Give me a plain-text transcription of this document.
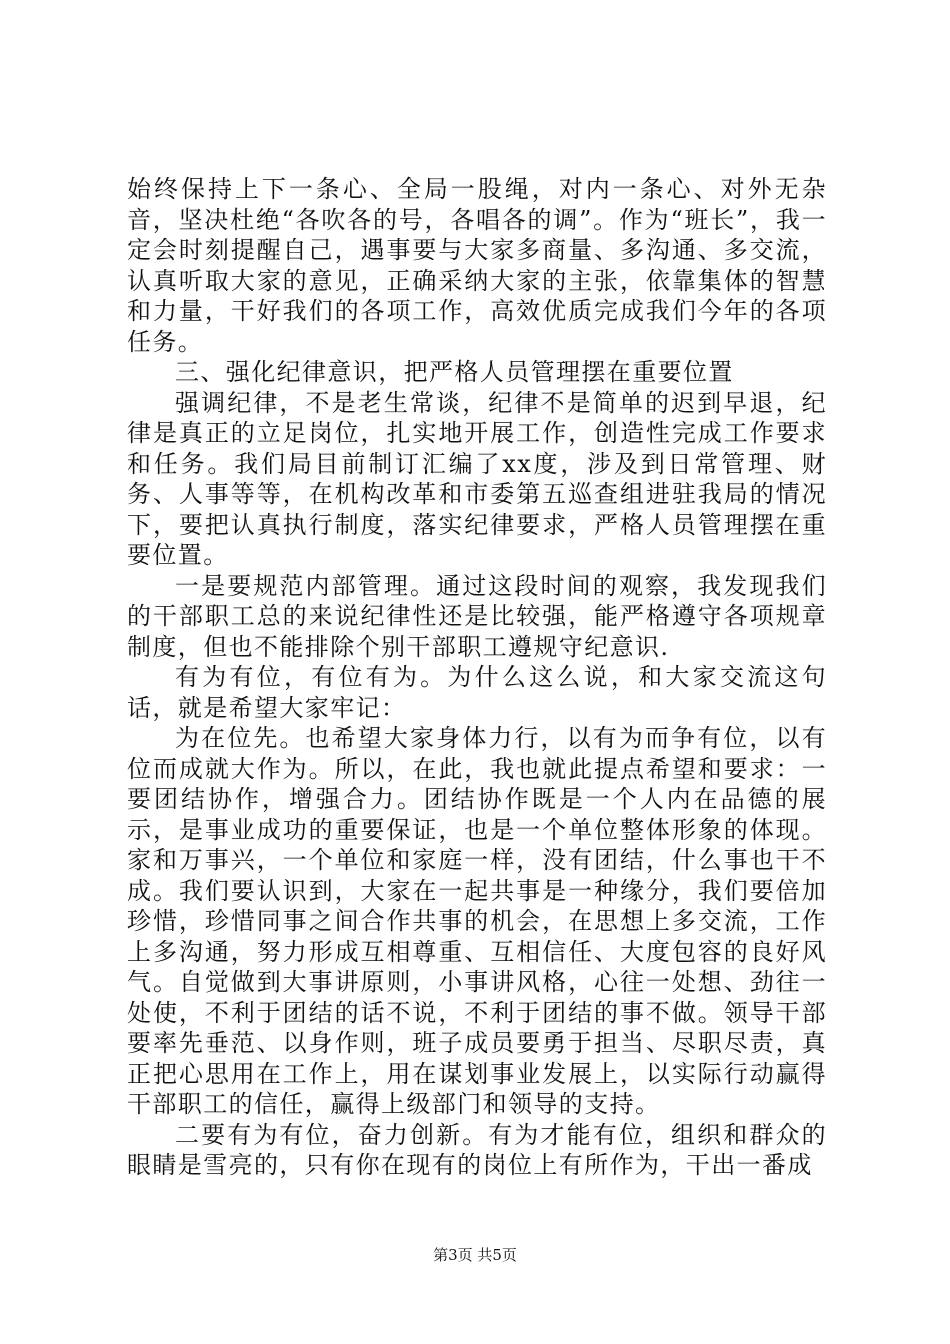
始终保持上下一条心、全局一股绳，对内一条心、对外无杂音，坚决杜绝“各吹各的号，各唱各的调”。作为“班长”，我一定会时刻提醒自己，遇事要与大家多商量、多沟通、多交流，认真听取大家的意见，正确采纳大家的主张，依靠集体的智慧和力量，干好我们的各项工作，高效优质完成我们今年的各项任务。

三、强化纪律意识，把严格人员管理摆在重要位置

强调纪律，不是老生常谈，纪律不是简单的迟到早退，纪律是真正的立足岗位，扎实地开展工作，创造性完成工作要求和任务。我们局目前制订汇编了xx度，涉及到日常管理、财务、人事等等，在机构改革和市委第五巡查组进驻我局的情况下，要把认真执行制度，落实纪律要求，严格人员管理摆在重要位置。

一是要规范内部管理。通过这段时间的观察，我发现我们的干部职工总的来说纪律性还是比较强，能严格遵守各项规章制度，但也不能排除个别干部职工遵规守纪意识.

有为有位，有位有为。为什么这么说，和大家交流这句话，就是希望大家牢记：

为在位先。也希望大家身体力行，以有为而争有位，以有位而成就大作为。所以，在此，我也就此提点希望和要求：一要团结协作，增强合力。团结协作既是一个人内在品德的展示，是事业成功的重要保证，也是一个单位整体形象的体现。家和万事兴，一个单位和家庭一样，没有团结，什么事也干不成。我们要认识到，大家在一起共事是一种缘分，我们要倍加珍惜，珍惜同事之间合作共事的机会，在思想上多交流，工作上多沟通，努力形成互相尊重、互相信任、大度包容的良好风气。自觉做到大事讲原则，小事讲风格，心往一处想、劲往一处使，不利于团结的话不说，不利于团结的事不做。领导干部要率先垂范、以身作则，班子成员要勇于担当、尽职尽责，真正把心思用在工作上，用在谋划事业发展上，以实际行动赢得干部职工的信任，赢得上级部门和领导的支持。

二要有为有位，奋力创新。有为才能有位，组织和群众的眼睛是雪亮的，只有你在现有的岗位上有所作为，干出一番成

第3页 共5页
